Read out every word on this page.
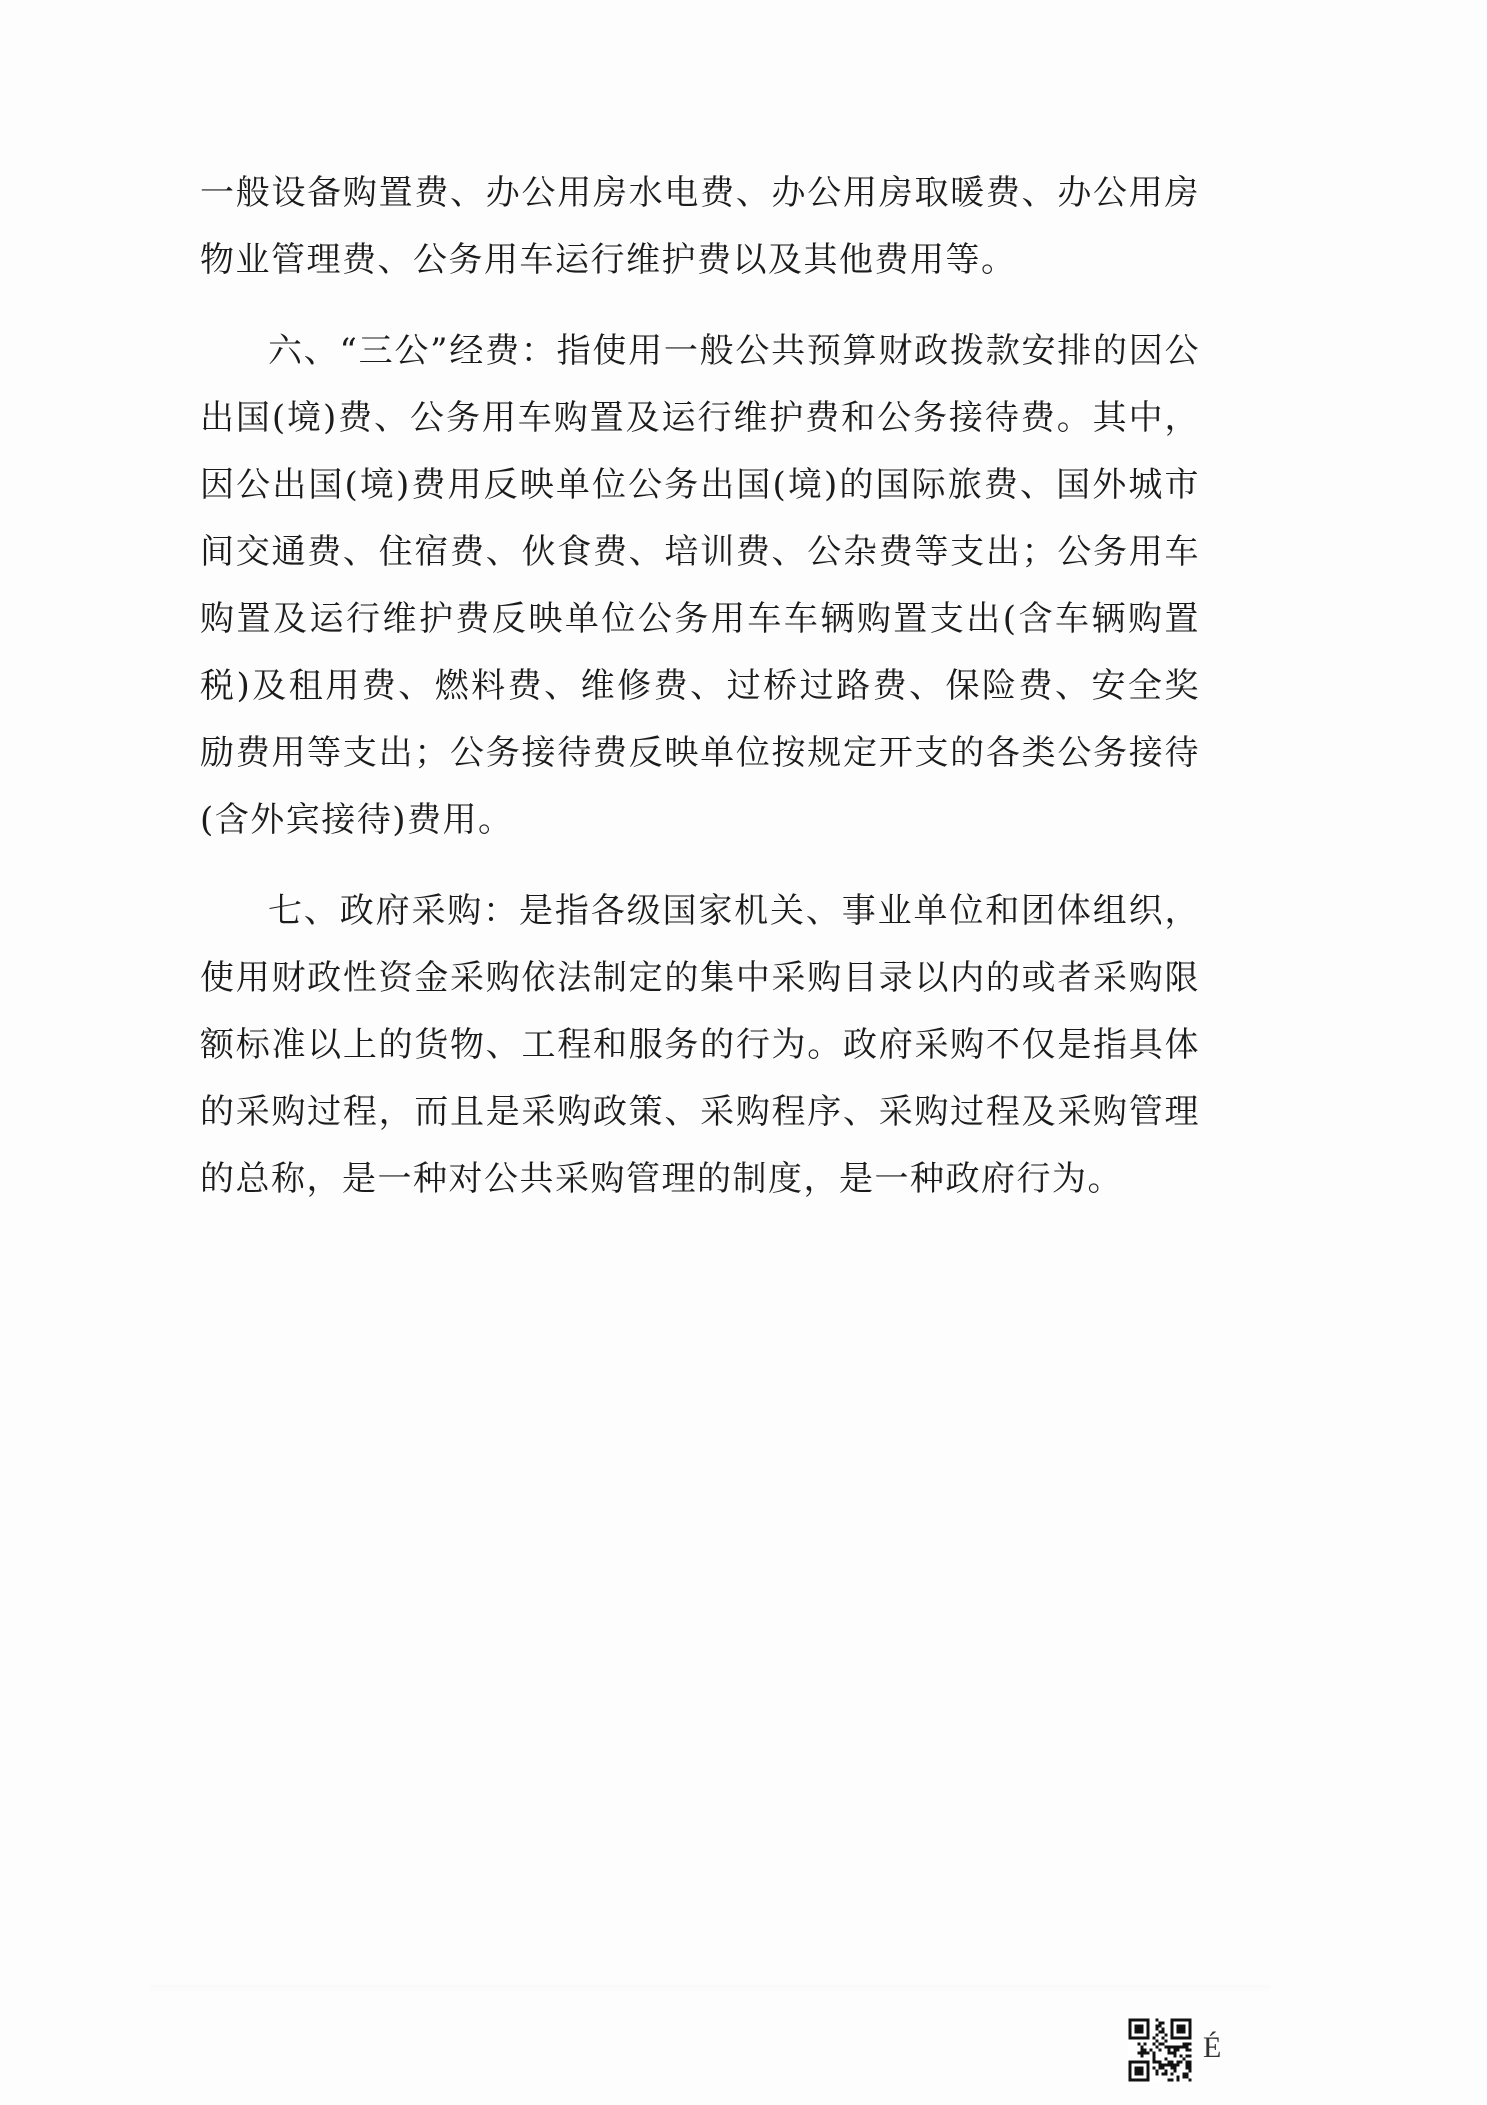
一般设备购置费、办公用房水电费、办公用房取暖费、办公用房物业管理费、公务用车运行维护费以及其他费用等。

六、“三公”经费：指使用一般公共预算财政拨款安排的因公出国(境)费、公务用车购置及运行维护费和公务接待费。其中，因公出国(境)费用反映单位公务出国(境)的国际旅费、国外城市间交通费、住宿费、伙食费、培训费、公杂费等支出；公务用车购置及运行维护费反映单位公务用车车辆购置支出(含车辆购置税)及租用费、燃料费、维修费、过桥过路费、保险费、安全奖励费用等支出；公务接待费反映单位按规定开支的各类公务接待(含外宾接待)费用。

七、政府采购：是指各级国家机关、事业单位和团体组织，使用财政性资金采购依法制定的集中采购目录以内的或者采购限额标准以上的货物、工程和服务的行为。政府采购不仅是指具体的采购过程，而且是采购政策、采购程序、采购过程及采购管理的总称，是一种对公共采购管理的制度，是一种政府行为。

É
